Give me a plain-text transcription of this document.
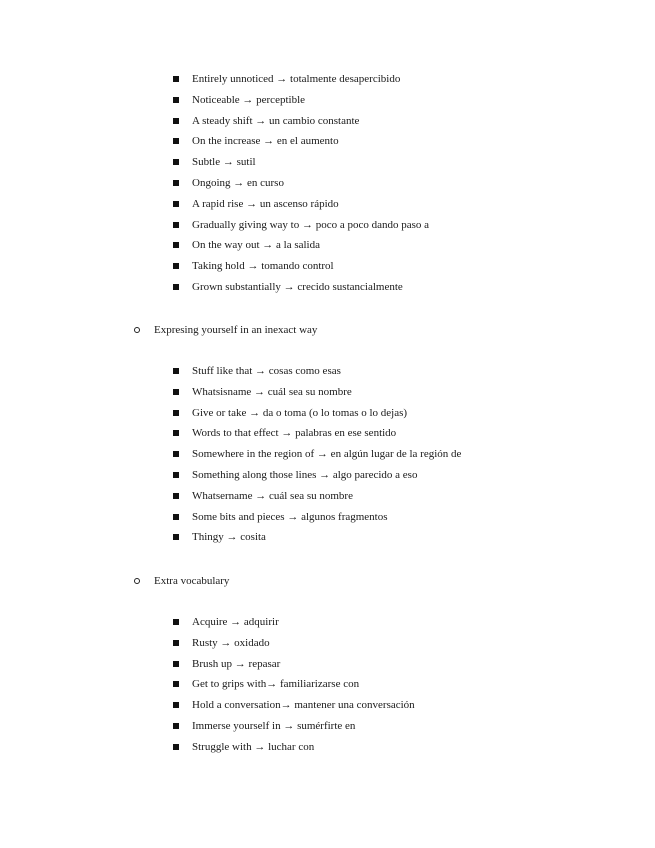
Entirely unnoticed → totalmente desapercibido
Noticeable → perceptible
A steady shift → un cambio constante
On the increase → en el aumento
Subtle → sutil
Ongoing → en curso
A rapid rise → un ascenso rápido
Gradually giving way to → poco a poco dando paso a
On the way out → a la salida
Taking hold → tomando control
Grown substantially → crecido sustancialmente
Expresing yourself in an inexact way
Stuff like that → cosas como esas
Whatsisname → cuál sea su nombre
Give or take → da o toma (o lo tomas o lo dejas)
Words to that effect → palabras en ese sentido
Somewhere in the region of → en algún lugar de la región de
Something along those lines → algo parecido a eso
Whatsername → cuál sea su nombre
Some bits and pieces → algunos fragmentos
Thingy → cosita
Extra vocabulary
Acquire → adquirir
Rusty → oxidado
Brush up → repasar
Get to grips with→ familiarizarse con
Hold a conversation→ mantener una conversación
Immerse yourself in → sumérfirte en
Struggle with → luchar con
